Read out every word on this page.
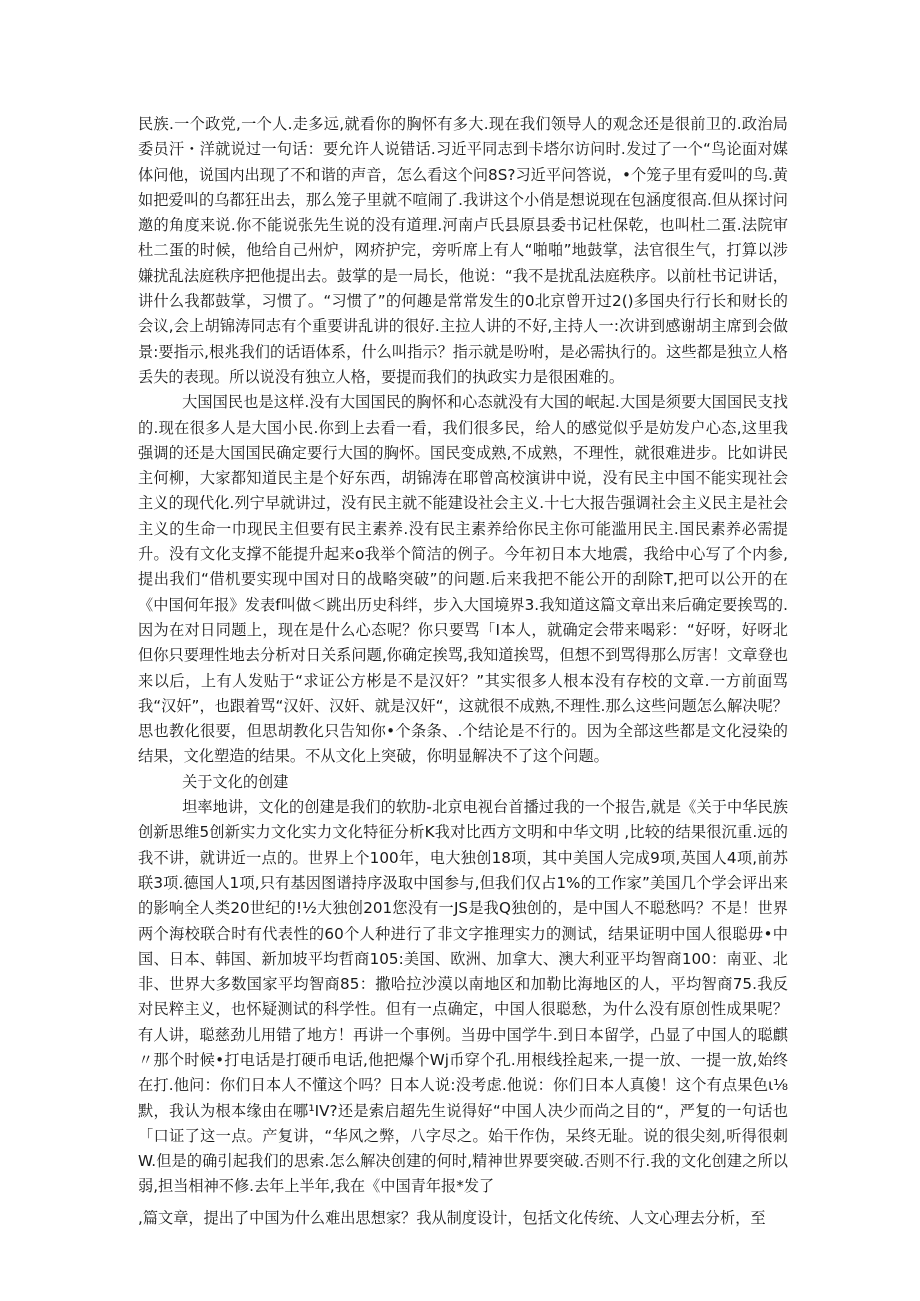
民族.一个政党,一个人.走多远,就看你的胸怀有多大.现在我们领导人的观念还是很前卫的.政治局委员汗・洋就说过一句话：要允许人说错话.习近平同志到卡塔尔访问时.发过了一个“鸟论面对媒体问他，说国内出现了不和谐的声音，怎么看这个问8S?习近平问答说，•个笼子里有爱叫的鸟.黄如把爱叫的乌都狂出去，那么笼子里就不喧闹了.我讲这个小俏是想说现在包涵度很高.但从探讨问邀的角度来说.你不能说张先生说的没有道理.河南卢氏县原县委书记杜保乾，也叫杜二蛋.法院审杜二蛋的时候，他给自己州炉，网疥护完，旁听席上有人“啪啪”地鼓掌，法官很生气，打算以涉嫌扰乱法庭秩序把他提出去。鼓掌的是一局长，他说：“我不是扰乱法庭秩序。以前杜书记讲话，讲什么我都鼓掌，习惯了。“习惯了”的何趣是常常发生的0北京曾开过2()多国央行行长和财长的会议,会上胡锦涛同志有个重要讲乱讲的很好.主拉人讲的不好,主持人一:次讲到感谢胡主席到会做景:要指示,根兆我们的话语体系，什么叫指示？指示就是吩咐，是必需执行的。这些都是独立人格丢失的表现。所以说没有独立人格，要提而我们的执政实力是很困难的。

大国国民也是这样.没有大国国民的胸怀和心态就没有大国的岷起.大国是须要大国国民支找的.现在很多人是大国小民.你到上去看一看，我们很多民，给人的感觉似乎是妨发户心态,这里我强调的还是大国国民确定要行大国的胸怀。国民变成熟,不成熟，不理性，就很难进步。比如讲民主何柳，大家都知道民主是个好东西，胡锦涛在耶曾高校演讲中说，没有民主中国不能实现社会主义的现代化.列宁早就讲过，没有民主就不能建设社会主义.十七大报告强调社会主义民主是社会主义的生命一巾现民主但要有民主素养.没有民主素养给你民主你可能滥用民主.国民素养必需提升。没有文化支撑不能提升起来o我举个简洁的例子。今年初日本大地震，我给中心写了个内参,提出我们“借机要实现中国对日的战略突破”的问题.后来我把不能公开的刮除T,把可以公开的在《中国何年报》发表f叫做＜跳出历史科绊，步入大国境界3.我知道这篇文章出来后确定要挨骂的.因为在对日同题上，现在是什么心态呢？你只要骂「I本人，就确定会带来喝彩：“好呀，好呀北但你只要理性地去分析对日关系问题,你确定挨骂,我知道挨骂，但想不到骂得那么厉害！文章登也来以后，上有人发贴于“求证公方彬是不是汉奸？”其实很多人根本没有存校的文章.一方前面骂我“汉奸”，也跟着骂“汉奸、汉奸、就是汉奸“，这就很不成熟,不理性.那么这些问题怎么解决呢？思也教化很要，但思胡教化只告知你•个条条、.个结论是不行的。因为全部这些都是文化浸染的结果，文化塑造的结果。不从文化上突破，你明显解决不了这个问题。

关于文化的创建

坦率地讲，文化的创建是我们的软肋-北京电视台首播过我的一个报告,就是《关于中华民族创新思维5创新实力文化实力文化特征分析K我对比西方文明和中华文明 ,比较的结果很沉重.远的我不讲，就讲近一点的。世界上个100年，电大独创18项，其中美国人完成9项,英国人4项,前苏联3项.德国人1项,只有基因图谱持序汲取中国参与,但我们仅占1%的工作家”美国几个学会评出来的影响全人类20世纪的!½大独创201您没有一JS是我Q独创的，是中国人不聪愁吗？不是！世界两个海校联合时有代表性的60个人种进行了非文字推理实力的测试，结果证明中国人很聪毋•中国、日本、韩国、新加坡平均哲商105:美国、欧洲、加拿大、澳大利亚平均智商100：南亚、北非、世界大多数国家平均智商85：撒哈拉沙漠以南地区和加勒比海地区的人，平均智商75.我反对民粹主义，也怀疑测试的科学性。但有一点确定，中国人很聪愁，为什么没有原创性成果呢？有人讲，聪慈劲儿用错了地方！再讲一个事例。当毋中国学牛.到日本留学，凸显了中国人的聪麒〃那个时候•打电话是打硬币电话,他把爆个Wj币穿个孔.用根线拴起来,一提一放、一提一放,始终在打.他问：你们日本人不懂这个吗？日本人说:没考虑.他说：你们日本人真傻！这个有点果色ι⅛默，我认为根本缘由在哪¹IV?还是索启超先生说得好“中国人决少而尚之目的“，严复的一句话也「口证了这一点。产复讲，“华风之弊，八字尽之。始干作伪，呆终无耻。说的很尖刻,听得很刺W.但是的确引起我们的思索.怎么解决创建的何时,精神世界要突破.否则不行.我的文化创建之所以弱,担当相神不修.去年上半年,我在《中国青年报*发了

,篇文章，提出了中国为什么难出思想家？我从制度设计，包括文化传统、人文心理去分析，至
